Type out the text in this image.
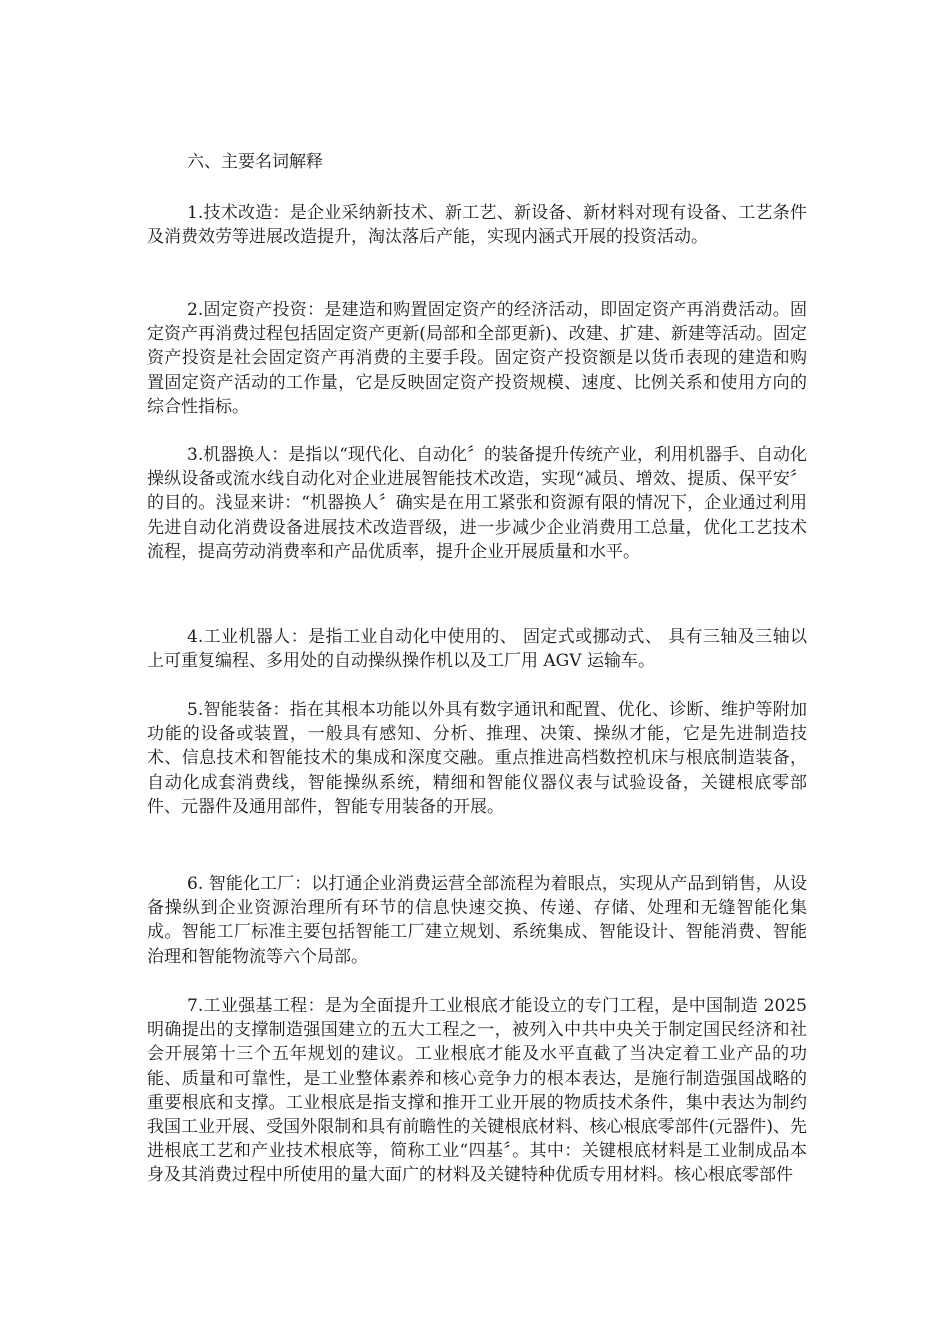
六、主要名词解释

1.技术改造：是企业采纳新技术、新工艺、新设备、新材料对现有设备、工艺条件及消费效劳等进展改造提升，淘汰落后产能，实现内涵式开展的投资活动。

2.固定资产投资：是建造和购置固定资产的经济活动，即固定资产再消费活动。固定资产再消费过程包括固定资产更新(局部和全部更新)、改建、扩建、新建等活动。固定资产投资是社会固定资产再消费的主要手段。固定资产投资额是以货币表现的建造和购置固定资产活动的工作量，它是反映固定资产投资规模、速度、比例关系和使用方向的综合性指标。

3.机器换人：是指以“现代化、自动化〞的装备提升传统产业，利用机器手、自动化操纵设备或流水线自动化对企业进展智能技术改造，实现“减员、增效、提质、保平安〞的目的。浅显来讲：“机器换人〞确实是在用工紧张和资源有限的情况下，企业通过利用先进自动化消费设备进展技术改造晋级，进一步减少企业消费用工总量，优化工艺技术流程，提高劳动消费率和产品优质率，提升企业开展质量和水平。

4.工业机器人：是指工业自动化中使用的、 固定式或挪动式、 具有三轴及三轴以上可重复编程、多用处的自动操纵操作机以及工厂用 AGV 运输车。

5.智能装备：指在其根本功能以外具有数字通讯和配置、优化、诊断、维护等附加功能的设备或装置，一般具有感知、分析、推理、决策、操纵才能，它是先进制造技术、信息技术和智能技术的集成和深度交融。重点推进高档数控机床与根底制造装备，自动化成套消费线，智能操纵系统，精细和智能仪器仪表与试验设备，关键根底零部件、元器件及通用部件，智能专用装备的开展。

6. 智能化工厂：以打通企业消费运营全部流程为着眼点，实现从产品到销售，从设备操纵到企业资源治理所有环节的信息快速交换、传递、存储、处理和无缝智能化集成。智能工厂标准主要包括智能工厂建立规划、系统集成、智能设计、智能消费、智能治理和智能物流等六个局部。

7.工业强基工程：是为全面提升工业根底才能设立的专门工程，是中国制造 2025 明确提出的支撑制造强国建立的五大工程之一，被列入中共中央关于制定国民经济和社会开展第十三个五年规划的建议。工业根底才能及水平直截了当决定着工业产品的功能、质量和可靠性，是工业整体素养和核心竞争力的根本表达，是施行制造强国战略的重要根底和支撑。工业根底是指支撑和推开工业开展的物质技术条件，集中表达为制约我国工业开展、受国外限制和具有前瞻性的关键根底材料、核心根底零部件(元器件)、先进根底工艺和产业技术根底等，简称工业“四基〞。其中：关键根底材料是工业制成品本身及其消费过程中所使用的量大面广的材料及关键特种优质专用材料。核心根底零部件
